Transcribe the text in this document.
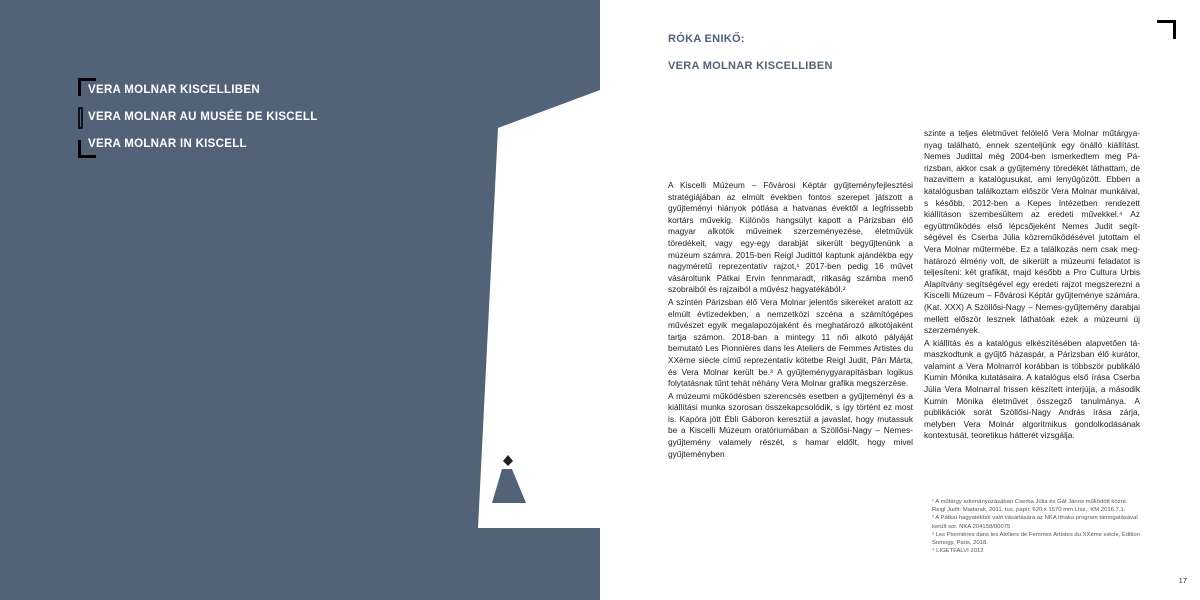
VERA MOLNAR KISCELLIBEN
VERA MOLNAR AU MUSÉE DE KISCELL
VERA MOLNAR IN KISCELL
RÓKA ENIKŐ:
VERA MOLNAR KISCELLIBEN

A Kiscelli Múzeum – Fővárosi Képtár gyűjteményfejlesztési stratégiájában az elmúlt években fontos szerepet játszott a gyűjteményi hiányok pótlása a hatvanas évektől a legfrissebb kortárs művekig. Különös hangsúlyt kapott a Párizsban élő magyar alkotók műveinek szerzeményezése, életművük töredékeit, vagy egy-egy darabját sikerült begyűjtenünk a múzeum számra. 2015-ben Reigl Judittól kaptunk ajándékba egy nagyméretű reprezentatív rajzot,¹ 2017-ben pedig 16 művet vásároltunk Pátkai Ervin fennmaradt, ritkaság számba menő szobraiból és rajzaiból a művész hagyatékából.²

A szintén Párizsban élő Vera Molnar jelentős sikereket aratott az elmúlt évtizedekben, a nemzetközi szcéna a számítógépes művészet egyik megalapozójaként és meghatározó alkotójaként tartja számon. 2018-ban a mintegy 11 női alkotó pályáját bemutató Les Pionnières dans les Ateliers de Femmes Artistes du XXème siècle című reprezentatív kötetbe Reigl Judit, Pán Márta, és Vera Molnar került be.³ A gyűjteménygyarapításban logikus folytatásnak tűnt tehát néhány Vera Molnar grafika megszerzése.

A múzeumi működésben szerencsés esetben a gyűjteményi és a kiállítási munka szorosan összekapcsolódik, s így történt ez most is. Kapóra jött Ébli Gáboron keresztül a javaslat, hogy mutassuk be a Kiscelli Múzeum oratóriumában a Szöllősi-Nagy – Nemes-gyűjtemény valamely részét, s hamar eldőlt, hogy mivel gyűjteményben

szinte a teljes életművet felölelő Vera Molnar műtárgyanyag található, ennek szenteljünk egy önálló kiállítást. Nemes Judittal még 2004-ben ismerkedtem meg Párizsban, akkor csak a gyűjtemény töredékét láthattam, de hazavittem a katalógusukat, ami lenyűgözött. Ebben a katalógusban találkoztam először Vera Molnar munkáival, s később, 2012-ben a Kepes Intézetben rendezett kiállításon szembesültem az eredeti művekkel.⁴ Az együttműködés első lépcsőjeként Nemes Judit segítségével és Cserba Júlia közreműködésével jutottam el Vera Molnar műtermébe. Ez a találkozás nem csak meghatározó élmény volt, de sikerült a múzeumi feladatot is teljesíteni: két grafikát, majd később a Pro Cultura Urbis Alapítvány segítségével egy eredeti rajzot megszerezni a Kiscelli Múzeum – Fővárosi Képtár gyűjteménye számára. (Kat. XXX) A Szöllősi-Nagy – Nemes-gyűjtemény darabjai mellett először lesznek láthatóak ezek a múzeumi új szerzemények.

A kiállítás és a katalógus elkészítésében alapvetően támaszkodtunk a gyűjtő házaspár, a Párizsban élő kurátor, valamint a Vera Molnarról korábban is többször publikáló Kumin Mónika kutatásaira. A katalógus első írása Cserba Júlia Vera Molnarral frissen készített interjúja, a második Kumin Mónika életművet összegző tanulmánya. A publikációk sorát Szöllősi-Nagy András írása zárja, melyben Vera Molnár algoritmikus gondolkodásának kontextusát, teoretikus hátterét vizsgálja.

¹ A műtárgy adományozásában Cserba Júlia és Gát János működött közre. Reigl Judit: Madarak, 2011, tus, papír, 620 x 1570 mm Ltsz.: KM 2016.7.1.
² A Pátkai-hagyatékból való vásárlására az NKA Ithaka program támogatásával került sor. NKA 204158/00075
³ Les Pionnières dans les Ateliers de Femmes Artistes du XXème siècle, Édition Somogy, Paris, 2018.
⁴ LIGETFALVI 2012
17
